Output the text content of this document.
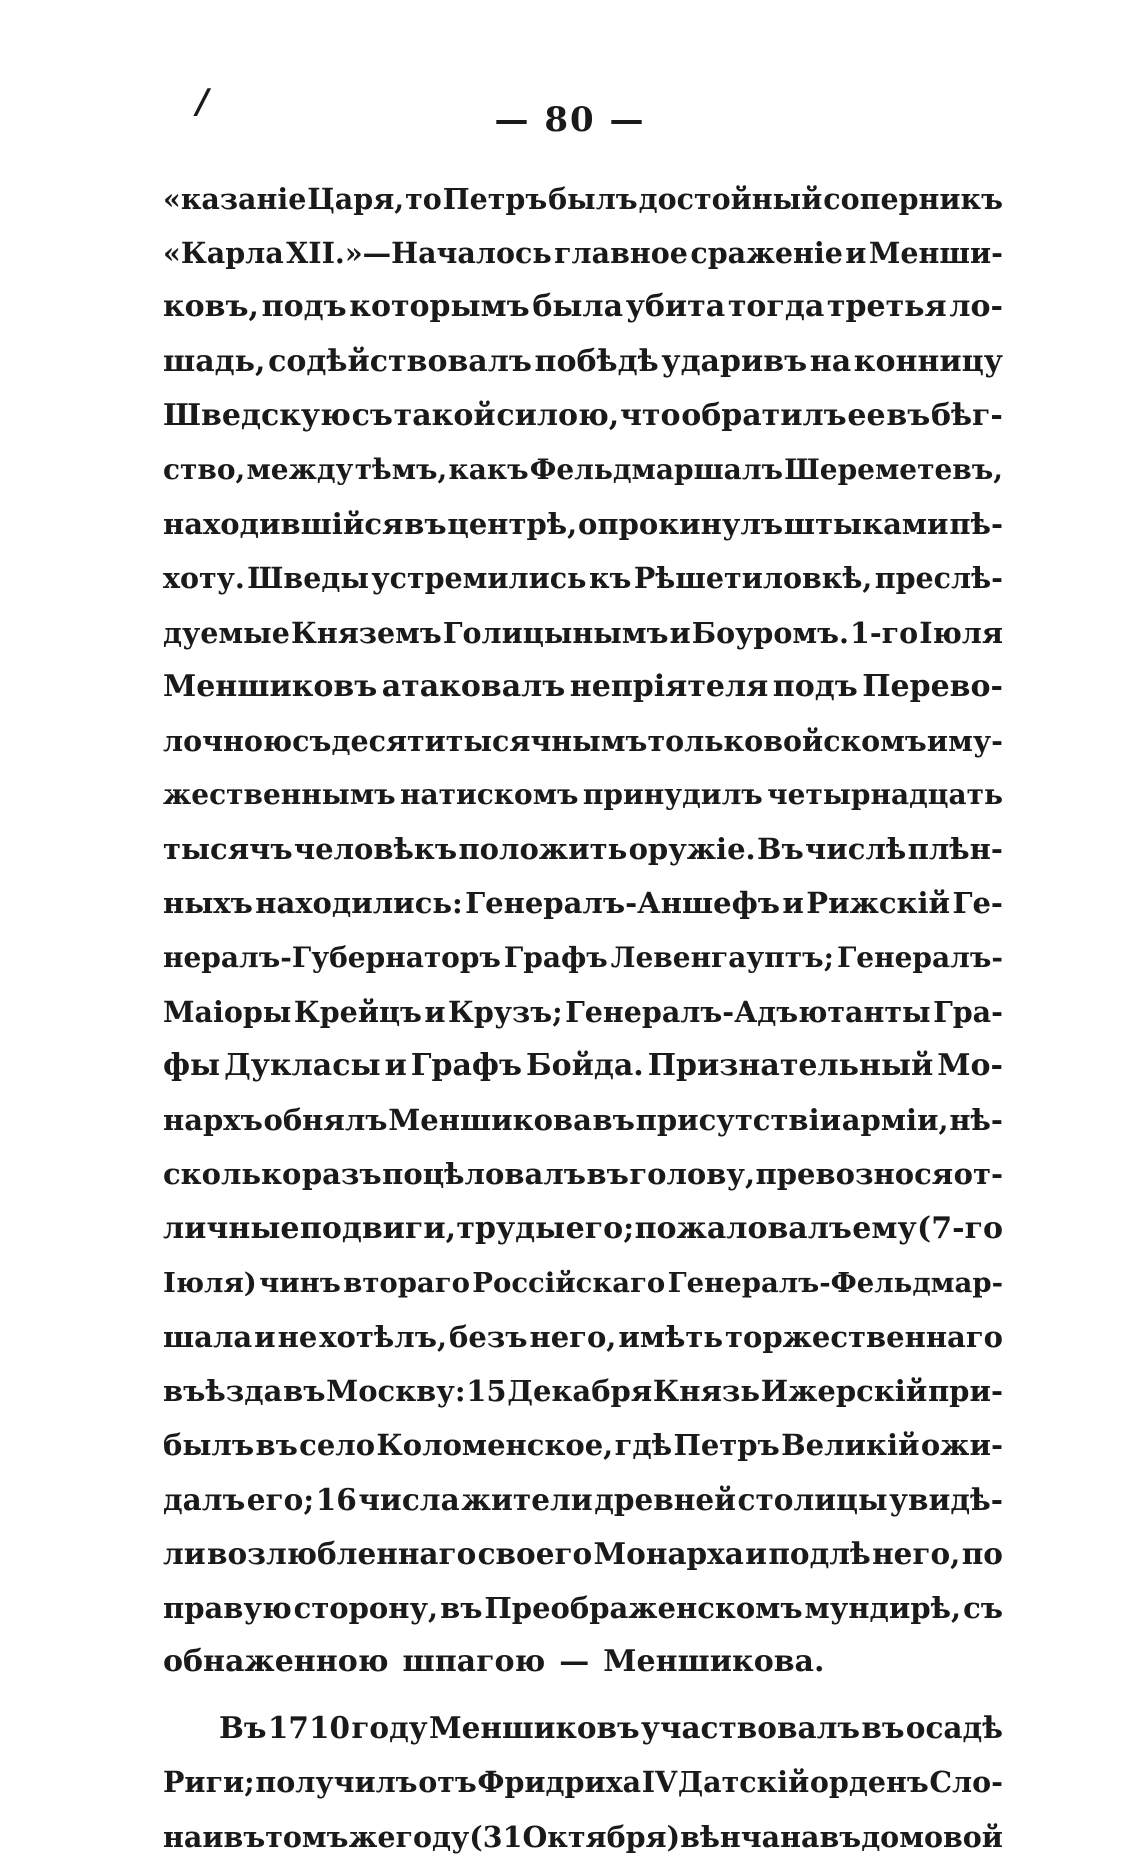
/	— 80 —
«казаніе Царя, то Петръ былъ достойный соперникъ
«Карла XII.»—Началось главное сраженіе и Менши-
ковъ, подъ которымъ была убита тогда третья ло-
шадь, содѣйствовалъ побѣдѣ ударивъ на конницу
Шведскую съ такой силою, что обратилъ ее въ бѣг-
ство, между тѣмъ, какъ Фельдмаршалъ Шереметевъ,
находившійся въ центрѣ, опрокинулъ штыками пѣ-
хоту. Шведы устремились къ Рѣшетиловкѣ, преслѣ-
дуемые Княземъ Голицынымъ и Боуромъ. 1-го Іюля
Меншиковъ атаковалъ непріятеля подъ Перево-
лочною съ десятитысячнымъ только войскомъ и му-
жественнымъ натискомъ принудилъ четырнадцать
тысячъ человѣкъ положить оружіе. Въ числѣ плѣн-
ныхъ находились: Генералъ-Аншефъ и Рижскій Ге-
нералъ-Губернаторъ Графъ Левенгауптъ; Генералъ-
Маіоры Крейцъ и Крузъ; Генералъ-Адъютанты Гра-
фы Дукласы и Графъ Бойда. Признательный Мо-
нархъ обнялъ Меншикова въ присутствіи арміи, нѣ-
сколько разъ поцѣловалъ въ голову, превознося от-
личные подвиги, труды его; пожаловалъ ему (7-го
Іюля) чинъ втораго Россійскаго Генералъ-Фельдмар-
шала и не хотѣлъ, безъ него, имѣть торжественнаго
въѣзда въ Москву: 15 Декабря Князь Ижерскій при-
былъ въ село Коломенское, гдѣ Петръ Великій ожи-
далъ его; 16 числа жители древней столицы увидѣ-
ли возлюбленнаго своего Монарха и подлѣ него, по
правую сторону, въ Преображенскомъ мундирѣ, съ
обнаженною шпагою — Меншикова.
Въ 1710 году Меншиковъ участвовалъ въ осадѣ
Риги; получилъ отъ Фридриха IV Датскій орденъ Сло-
на и въ томъ же году (31 Октября) вѣнчана въ домовой
